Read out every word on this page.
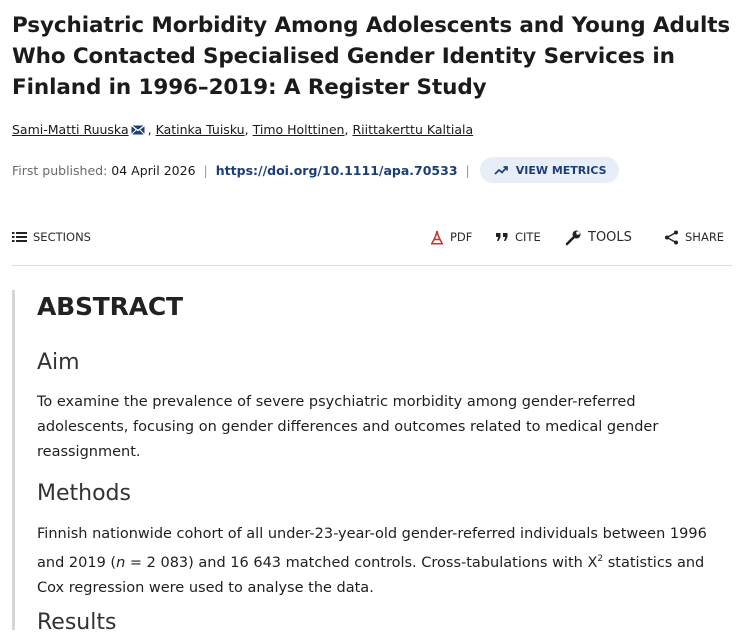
Psychiatric Morbidity Among Adolescents and Young Adults Who Contacted Specialised Gender Identity Services in Finland in 1996–2019: A Register Study
Sami-Matti Ruuska , Katinka Tuisku, Timo Holttinen, Riittakerttu Kaltiala
First published: 04 April 2026 | https://doi.org/10.1111/apa.70533 |	VIEW METRICS
SECTIONS	PDF	CITE	TOOLS	SHARE
ABSTRACT
Aim

To examine the prevalence of severe psychiatric morbidity among gender-referred adolescents, focusing on gender differences and outcomes related to medical gender reassignment.

Methods

Finnish nationwide cohort of all under-23-year-old gender-referred individuals between 1996 and 2019 (n = 2 083) and 16 643 matched controls. Cross-tabulations with $X^2$ statistics and Cox regression were used to analyse the data.

Results
